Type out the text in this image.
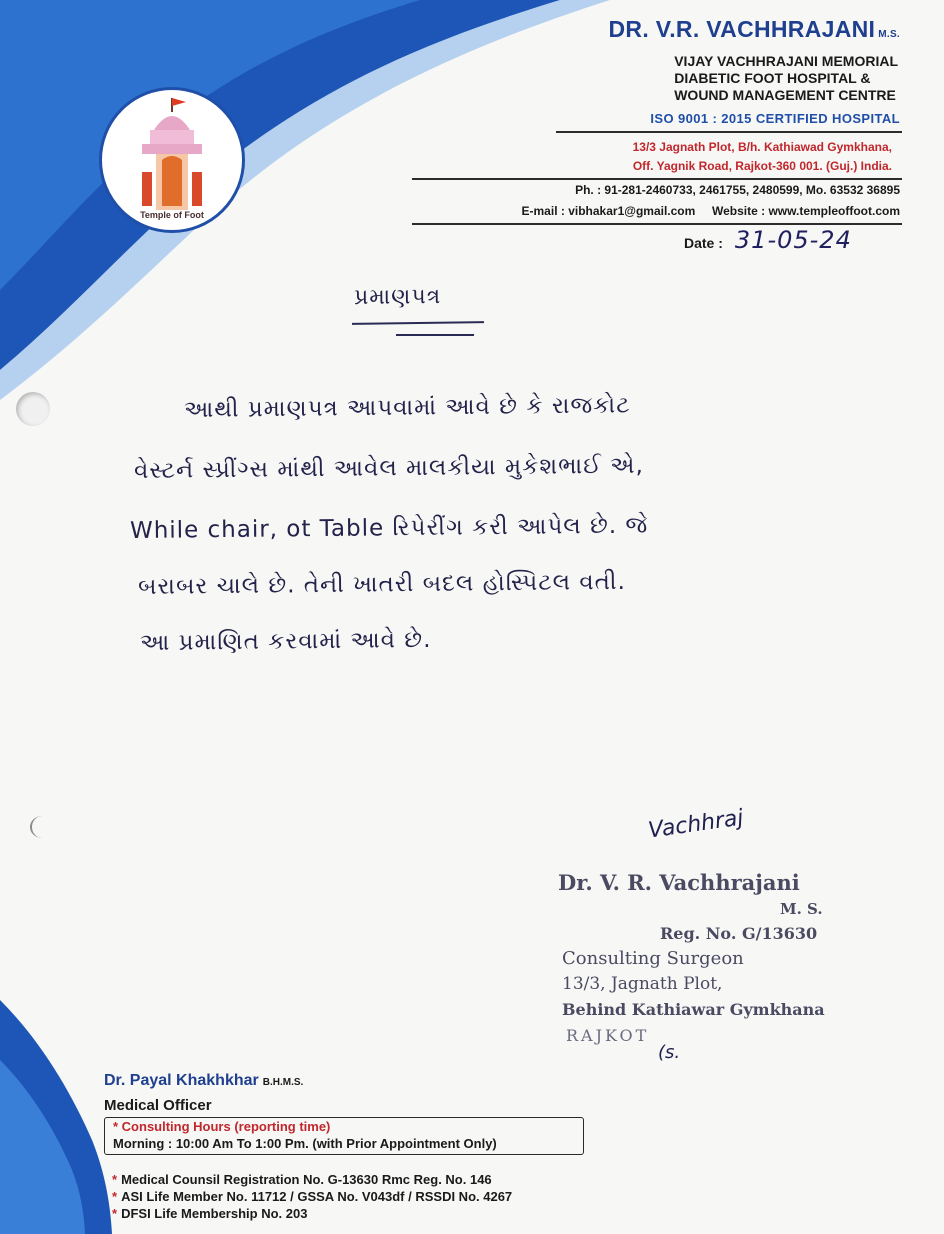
Temple of Foot
DR. V.R. VACHHRAJANI M.S.
VIJAY VACHHRAJANI MEMORIAL
DIABETIC FOOT HOSPITAL &
WOUND MANAGEMENT CENTRE
ISO 9001 : 2015 CERTIFIED HOSPITAL
13/3 Jagnath Plot, B/h. Kathiawad Gymkhana,
Off. Yagnik Road, Rajkot-360 001. (Guj.) India.
Ph. : 91-281-2460733, 2461755, 2480599, Mo. 63532 36895
E-mail : vibhakar1@gmail.com Website : www.templeoffoot.com
Date : 31-05-24
પ્રમાણપત્ર
આથી પ્રમાણપત્ર આપવામાં આવે છે કે રાજકોટ
વેસ્ટર્ન સ્પ્રીંગ્સ માંથી આવેલ માલકીયા મુકેશભાઈ એ,
While chair, ot Table રિપેરીંગ કરી આપેલ છે. જે
બરાબર ચાલે છે. તેની ખાતરી બદલ હોસ્પિટલ વતી.
આ પ્રમાણિત કરવામાં આવે છે.
Vachhraj
Dr. V. R. Vachhrajani
M. S.
Reg. No. G/13630
Consulting Surgeon
13/3, Jagnath Plot,
Behind Kathiawar Gymkhana
RAJKOT
(s.
Dr. Payal Khakhkhar B.H.M.S.
Medical Officer
* Consulting Hours (reporting time)
Morning : 10:00 Am To 1:00 Pm. (with Prior Appointment Only)
* Medical Counsil Registration No. G-13630 Rmc Reg. No. 146
* ASI Life Member No. 11712 / GSSA No. V043df / RSSDI No. 4267
* DFSI Life Membership No. 203
